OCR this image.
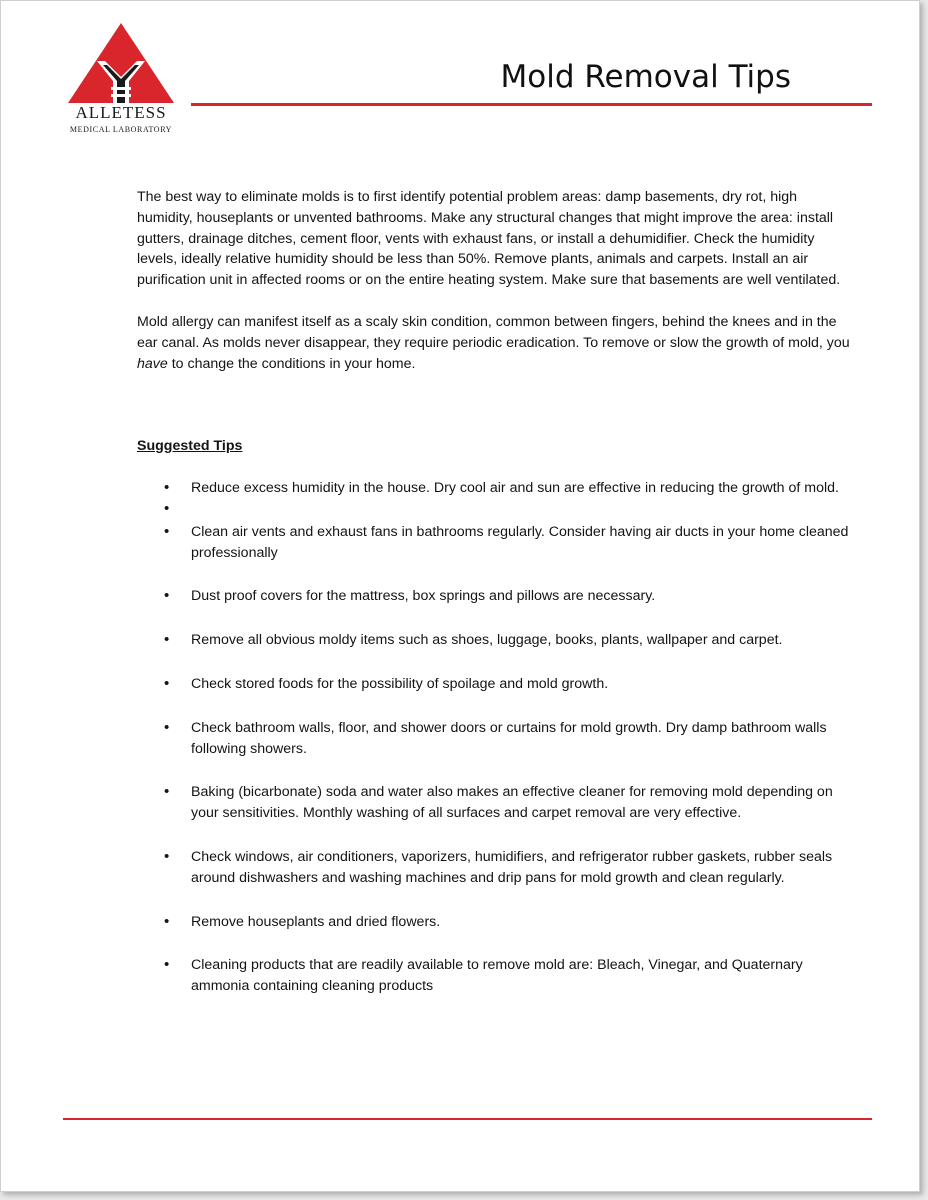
ALLETESS
MEDICAL LABORATORY
Mold Removal Tips

The best way to eliminate molds is to first identify potential problem areas: damp basements, dry rot, high humidity, houseplants or unvented bathrooms. Make any structural changes that might improve the area: install gutters, drainage ditches, cement floor, vents with exhaust fans, or install a dehumidifier. Check the humidity levels, ideally relative humidity should be less than 50%. Remove plants, animals and carpets. Install an air purification unit in affected rooms or on the entire heating system. Make sure that basements are well ventilated.

Mold allergy can manifest itself as a scaly skin condition, common between fingers, behind the knees and in the ear canal. As molds never disappear, they require periodic eradication. To remove or slow the growth of mold, you have to change the conditions in your home.

Suggested Tips

• Reduce excess humidity in the house. Dry cool air and sun are effective in reducing the growth of mold.
•
• Clean air vents and exhaust fans in bathrooms regularly. Consider having air ducts in your home cleaned professionally
• Dust proof covers for the mattress, box springs and pillows are necessary.
• Remove all obvious moldy items such as shoes, luggage, books, plants, wallpaper and carpet.
• Check stored foods for the possibility of spoilage and mold growth.
• Check bathroom walls, floor, and shower doors or curtains for mold growth. Dry damp bathroom walls following showers.
• Baking (bicarbonate) soda and water also makes an effective cleaner for removing mold depending on your sensitivities. Monthly washing of all surfaces and carpet removal are very effective.
• Check windows, air conditioners, vaporizers, humidifiers, and refrigerator rubber gaskets, rubber seals around dishwashers and washing machines and drip pans for mold growth and clean regularly.
• Remove houseplants and dried flowers.
• Cleaning products that are readily available to remove mold are: Bleach, Vinegar, and Quaternary ammonia containing cleaning products
